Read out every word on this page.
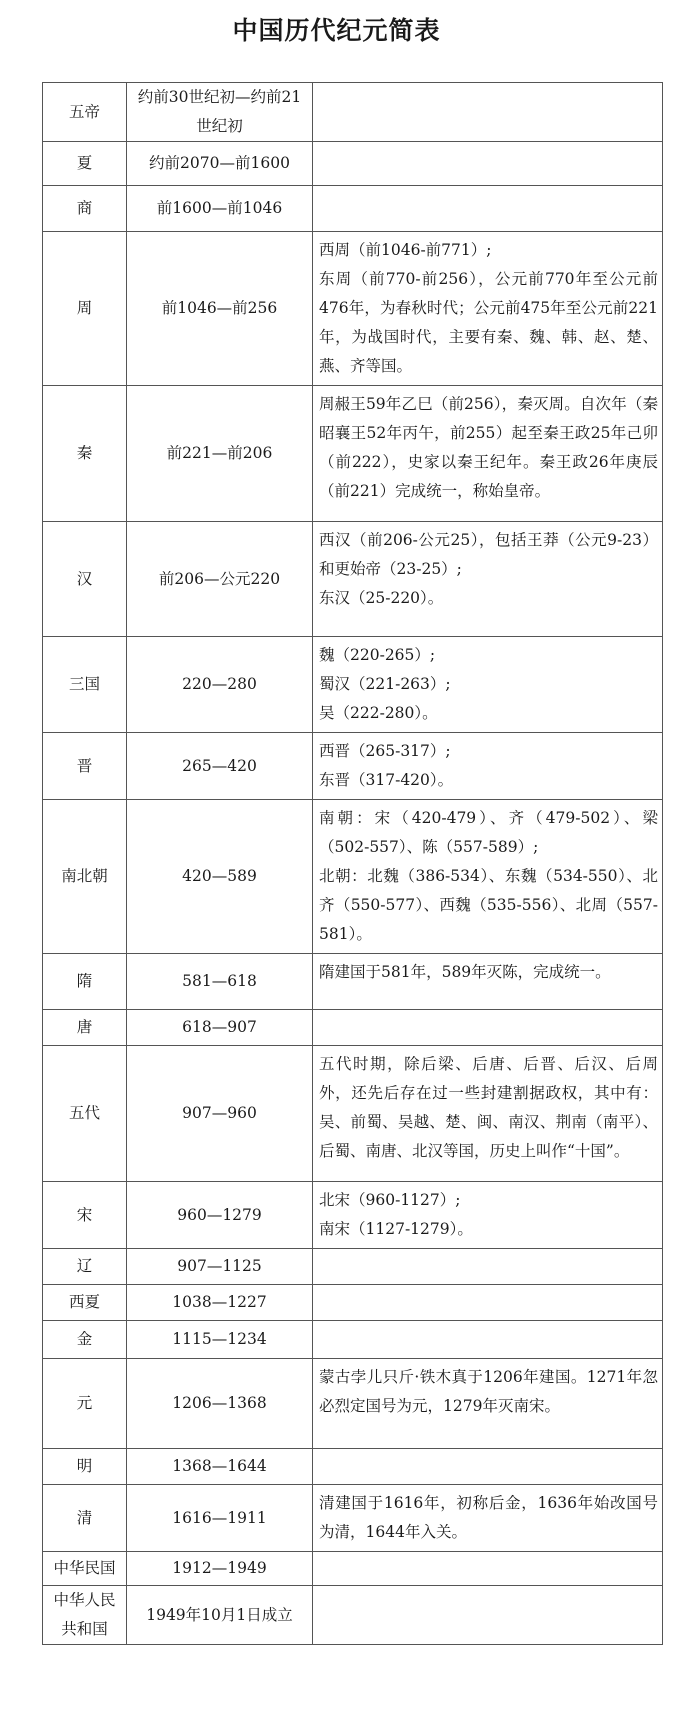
中国历代纪元简表
五帝	约前30世纪初—约前21世纪初	
夏	约前2070—前1600	
商	前1600—前1046	
周	前1046—前256	西周（前1046-前771）;
东周（前770-前256），公元前770年至公元前476年，为春秋时代；公元前475年至公元前221年，为战国时代，主要有秦、魏、韩、赵、楚、燕、齐等国。

秦	前221—前206	周赧王59年乙巳（前256），秦灭周。自次年（秦昭襄王52年丙午，前255）起至秦王政25年己卯（前222），史家以秦王纪年。秦王政26年庚辰（前221）完成统一，称始皇帝。

汉	前206—公元220	西汉（前206-公元25），包括王莽（公元9-23）和更始帝（23-25）;
东汉（25-220）。

三国	220—280	魏（220-265）;
蜀汉（221-263）;
吴（222-280）。

晋	265—420	西晋（265-317）;
东晋（317-420）。

南北朝	420—589	南朝：宋（420-479）、齐（479-502）、梁（502-557）、陈（557-589）;
北朝：北魏（386-534）、东魏（534-550）、北齐（550-577）、西魏（535-556）、北周（557-581）。

隋	581—618	隋建国于581年，589年灭陈，完成统一。

唐	618—907	
五代	907—960	五代时期，除后梁、后唐、后晋、后汉、后周外，还先后存在过一些封建割据政权，其中有：吴、前蜀、吴越、楚、闽、南汉、荆南（南平）、后蜀、南唐、北汉等国，历史上叫作“十国”。

宋	960—1279	北宋（960-1127）;
南宋（1127-1279）。

辽	907—1125	
西夏	1038—1227	
金	1115—1234	
元	1206—1368	蒙古孛儿只斤·铁木真于1206年建国。1271年忽必烈定国号为元，1279年灭南宋。

明	1368—1644	
清	1616—1911	清建国于1616年，初称后金，1636年始改国号为清，1644年入关。

中华民国	1912—1949	
中华人民共和国	1949年10月1日成立	
